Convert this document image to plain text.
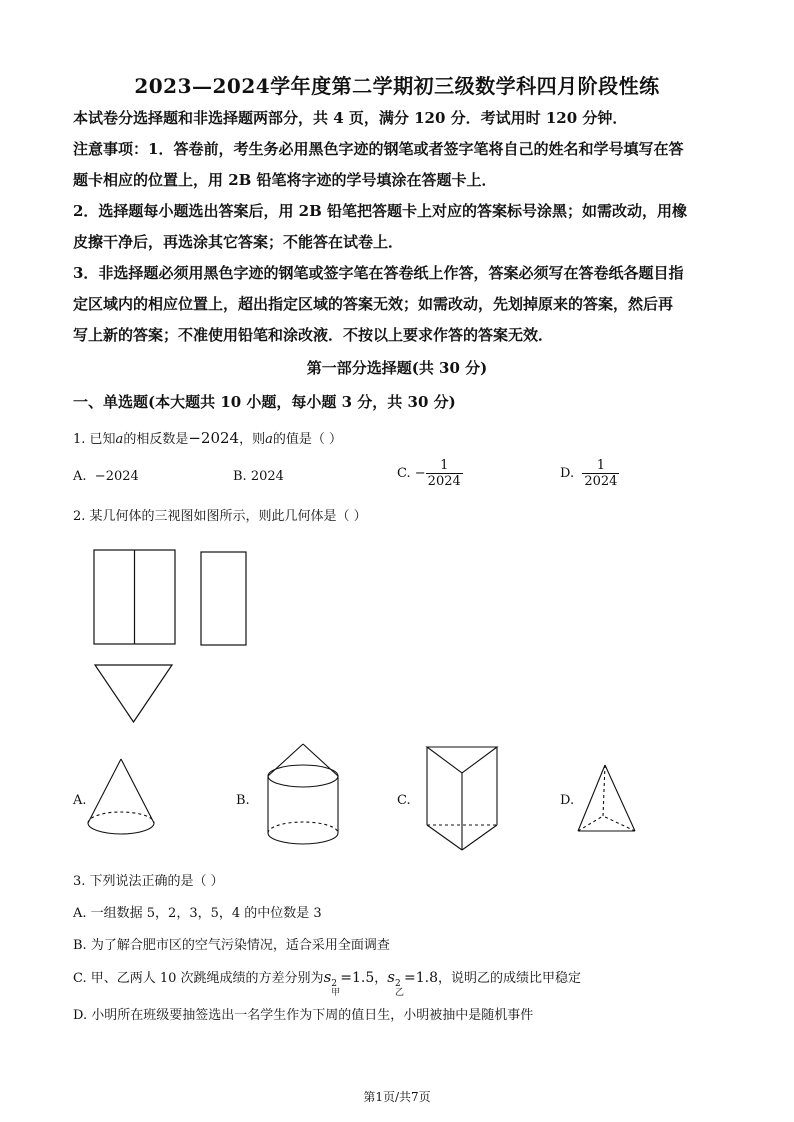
2023—2024学年度第二学期初三级数学科四月阶段性练
本试卷分选择题和非选择题两部分，共 4 页，满分 120 分．考试用时 120 分钟．
注意事项：1．答卷前，考生务必用黑色字迹的钢笔或者签字笔将自己的姓名和学号填写在答
题卡相应的位置上，用 2B 铅笔将字迹的学号填涂在答题卡上．
2．选择题每小题选出答案后，用 2B 铅笔把答题卡上对应的答案标号涂黑；如需改动，用橡
皮擦干净后，再选涂其它答案；不能答在试卷上．
3．非选择题必须用黑色字迹的钢笔或签字笔在答卷纸上作答，答案必须写在答卷纸各题目指
定区域内的相应位置上，超出指定区域的答案无效；如需改动，先划掉原来的答案，然后再
写上新的答案；不准使用铅笔和涂改液．不按以上要求作答的答案无效．
第一部分选择题(共 30 分)
一、单选题(本大题共 10 小题，每小题 3 分，共 30 分)
1. 已知a的相反数是−2024，则a的值是（ ）
A. −2024	B. 2024	C. − $\frac{1}{2024}$	D. $\frac{1}{2024}$
2. 某几何体的三视图如图所示，则此几何体是（ ）
A.	B.	C.	D.
3. 下列说法正确的是（ ）
A. 一组数据 5，2，3，5，4 的中位数是 3
B. 为了解合肥市区的空气污染情况，适合采用全面调查
C. 甲、乙两人 10 次跳绳成绩的方差分别为s 2
甲
=1.5，s 2
乙
=1.8，说明乙的成绩比甲稳定
D. 小明所在班级要抽签选出一名学生作为下周的值日生，小明被抽中是随机事件
第1页/共7页
